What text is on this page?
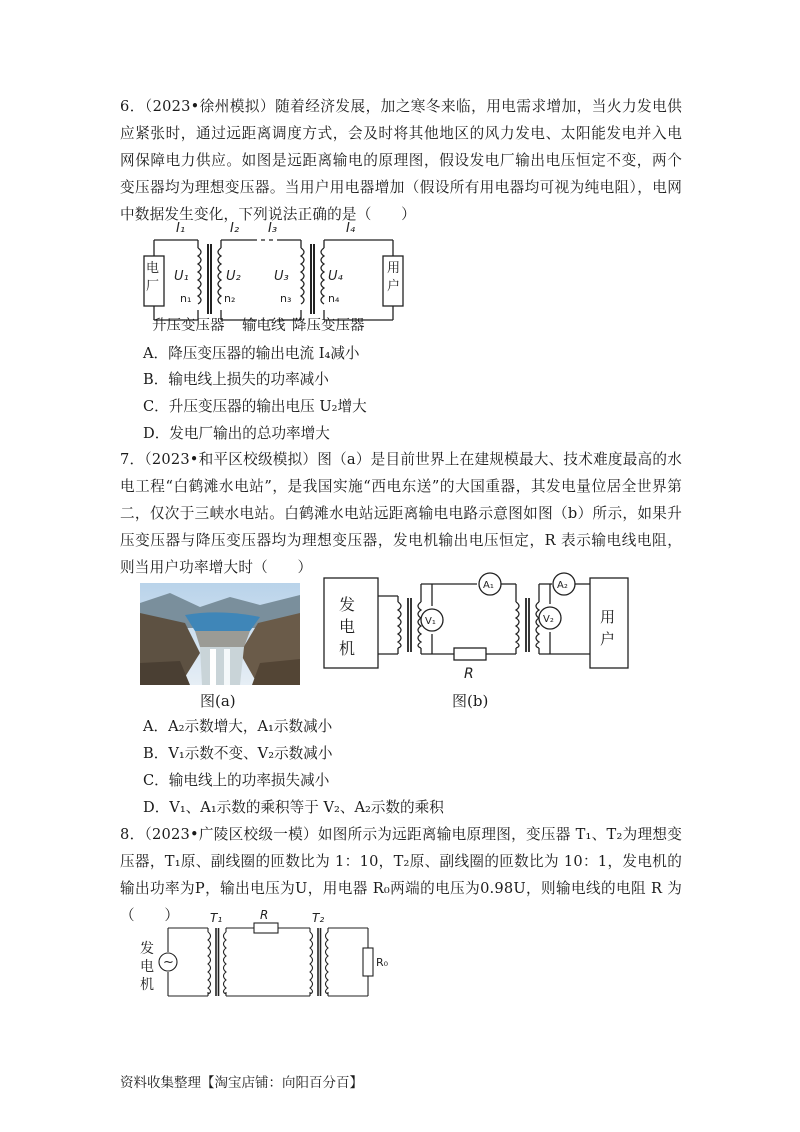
6．（2023•徐州模拟）随着经济发展，加之寒冬来临，用电需求增加，当火力发电供应紧张时，通过远距离调度方式，会及时将其他地区的风力发电、太阳能发电并入电网保障电力供应。如图是远距离输电的原理图，假设发电厂输出电压恒定不变，两个变压器均为理想变压器。当用户用电器增加（假设所有用电器均可视为纯电阻），电网中数据发生变化，下列说法正确的是（　　）
I₁	I₂ I₃	I₄
U₁	U₂	U₃	U₄
n₁	n₂	n₃	n₄
电厂
用户
升压变压器 输电线 降压变压器
A．降压变压器的输出电流 I₄减小
B．输电线上损失的功率减小
C．升压变压器的输出电压 U₂增大
D．发电厂输出的总功率增大
7．（2023•和平区校级模拟）图（a）是目前世界上在建规模最大、技术难度最高的水电工程“白鹤滩水电站”，是我国实施“西电东送”的大国重器，其发电量位居全世界第二，仅次于三峡水电站。白鹤滩水电站远距离输电电路示意图如图（b）所示，如果升压变压器与降压变压器均为理想变压器，发电机输出电压恒定，R 表示输电线电阻，则当用户功率增大时（　　）
图(a)
V₁
A₁	A₂
V₂
R
发电机
用户
图(b)
A．A₂示数增大，A₁示数减小
B．V₁示数不变、V₂示数减小
C．输电线上的功率损失减小
D．V₁、A₁示数的乘积等于 V₂、A₂示数的乘积
8．（2023•广陵区校级一模）如图所示为远距离输电原理图，变压器 T₁、T₂为理想变压器，T₁原、副线圈的匝数比为 1：10，T₂原、副线圈的匝数比为 10：1，发电机的输出功率为P，输出电压为U，用电器 R₀两端的电压为0.98U，则输电线的电阻 R 为（　　）
~
T₁	R	T₂
R₀
发电机
资料收集整理【淘宝店铺：向阳百分百】
